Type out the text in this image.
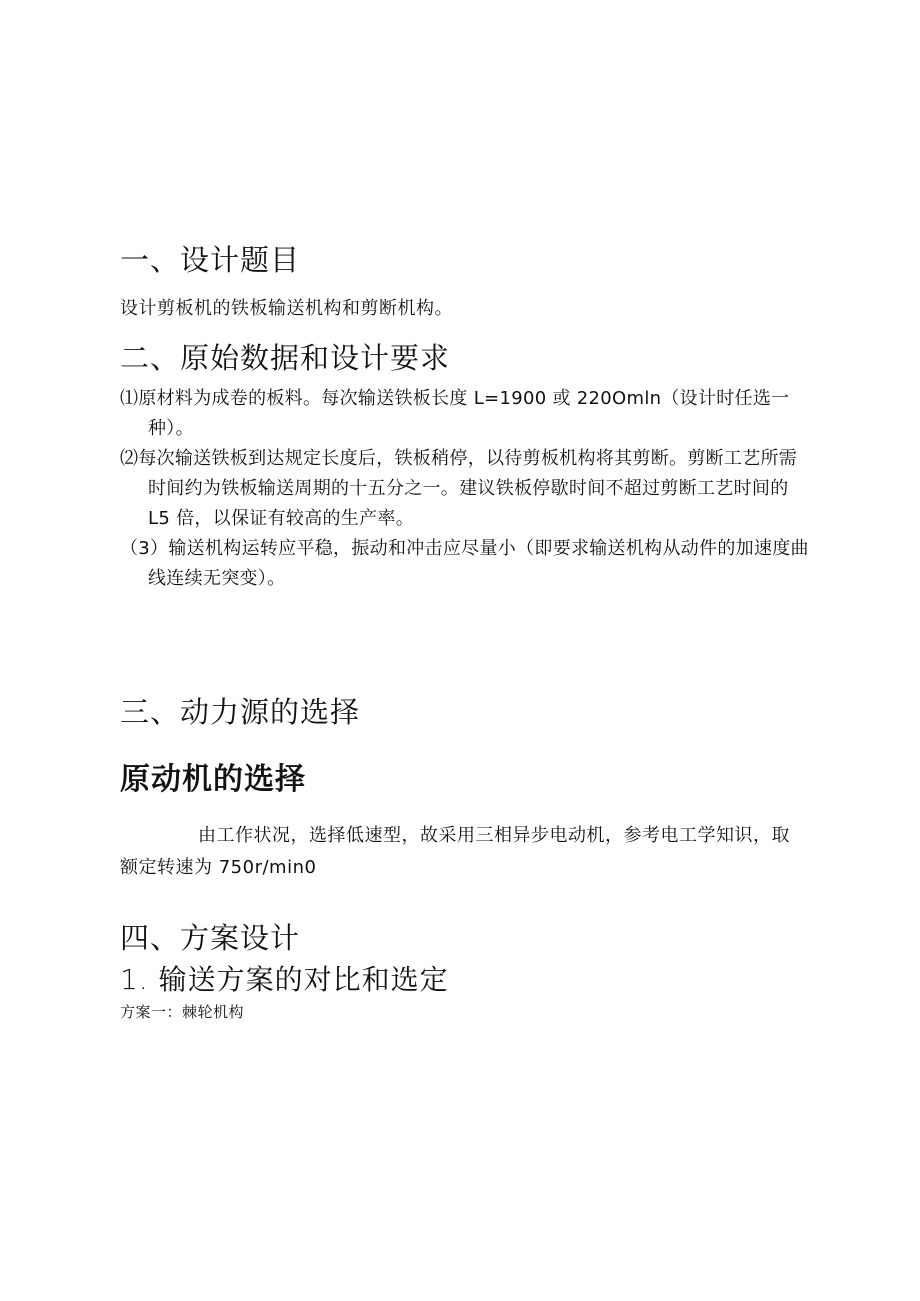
一、设计题目

设计剪板机的铁板输送机构和剪断机构。

二、原始数据和设计要求
⑴原材料为成卷的板料。每次输送铁板长度 L=1900 或 220Omln（设计时任选一种）。
⑵每次输送铁板到达规定长度后，铁板稍停，以待剪板机构将其剪断。剪断工艺所需时间约为铁板输送周期的十五分之一。建议铁板停歇时间不超过剪断工艺时间的 L5 倍，以保证有较高的生产率。
（3）输送机构运转应平稳，振动和冲击应尽量小（即要求输送机构从动件的加速度曲线连续无突变）。
三、动力源的选择
原动机的选择

由工作状况，选择低速型，故采用三相异步电动机，参考电工学知识，取额定转速为 750r∕min0

四、方案设计
1. 输送方案的对比和选定

方案一：棘轮机构
